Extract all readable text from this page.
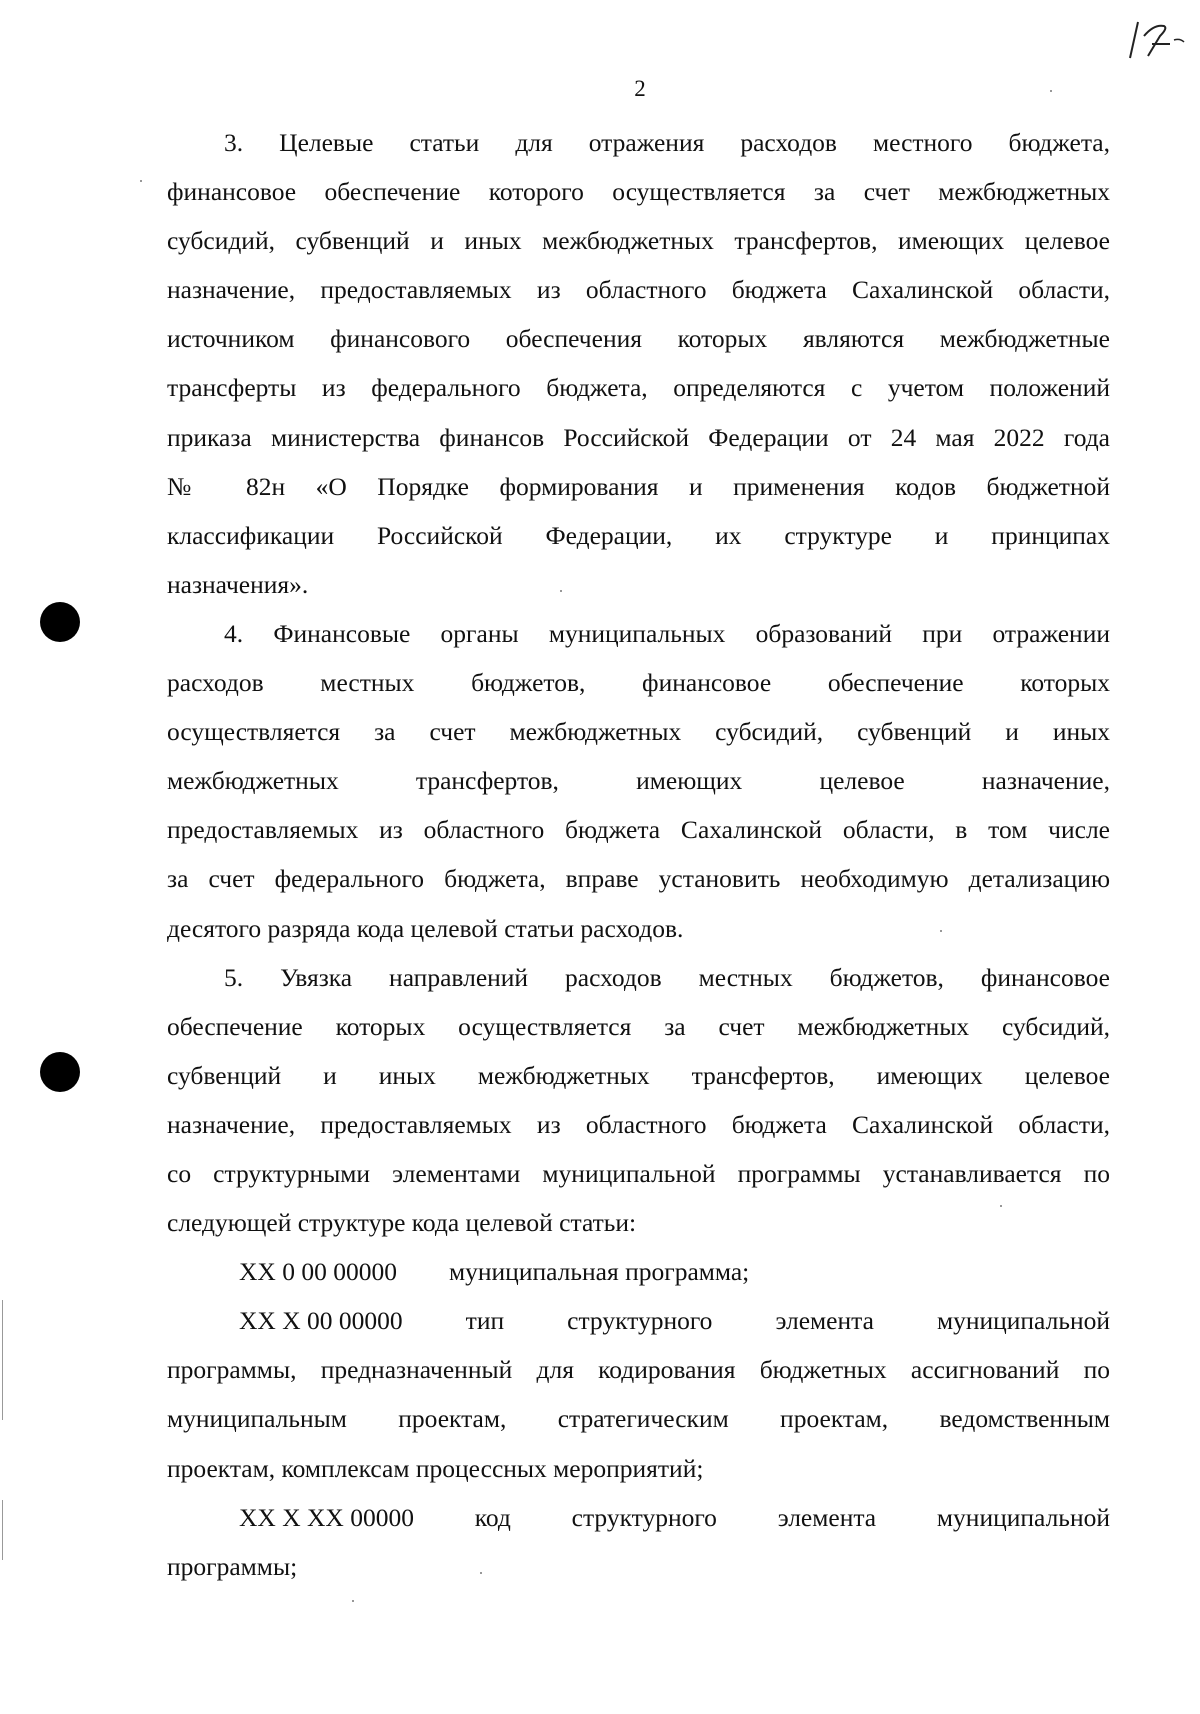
2
3. Целевые статьи для отражения расходов местного бюджета,
финансовое обеспечение которого осуществляется за счет межбюджетных
субсидий, субвенций и иных межбюджетных трансфертов, имеющих целевое
назначение, предоставляемых из областного бюджета Сахалинской области,
источником финансового обеспечения которых являются межбюджетные
трансферты из федерального бюджета, определяются с учетом положений
приказа министерства финансов Российской Федерации от 24 мая 2022 года
№ 82н «О Порядке формирования и применения кодов бюджетной
классификации Российской Федерации, их структуре и принципах
назначения».
4. Финансовые органы муниципальных образований при отражении
расходов местных бюджетов, финансовое обеспечение которых
осуществляется за счет межбюджетных субсидий, субвенций и иных
межбюджетных трансфертов, имеющих целевое назначение,
предоставляемых из областного бюджета Сахалинской области, в том числе
за счет федерального бюджета, вправе установить необходимую детализацию
десятого разряда кода целевой статьи расходов.
5. Увязка направлений расходов местных бюджетов, финансовое
обеспечение которых осуществляется за счет межбюджетных субсидий,
субвенций и иных межбюджетных трансфертов, имеющих целевое
назначение, предоставляемых из областного бюджета Сахалинской области,
со структурными элементами муниципальной программы устанавливается по
следующей структуре кода целевой статьи:
XX 0 00 00000 муниципальная программа;
XX X 00 00000 тип структурного элемента муниципальной
программы, предназначенный для кодирования бюджетных ассигнований по
муниципальным проектам, стратегическим проектам, ведомственным
проектам, комплексам процессных мероприятий;
XX X XX 00000 код структурного элемента муниципальной
программы;
